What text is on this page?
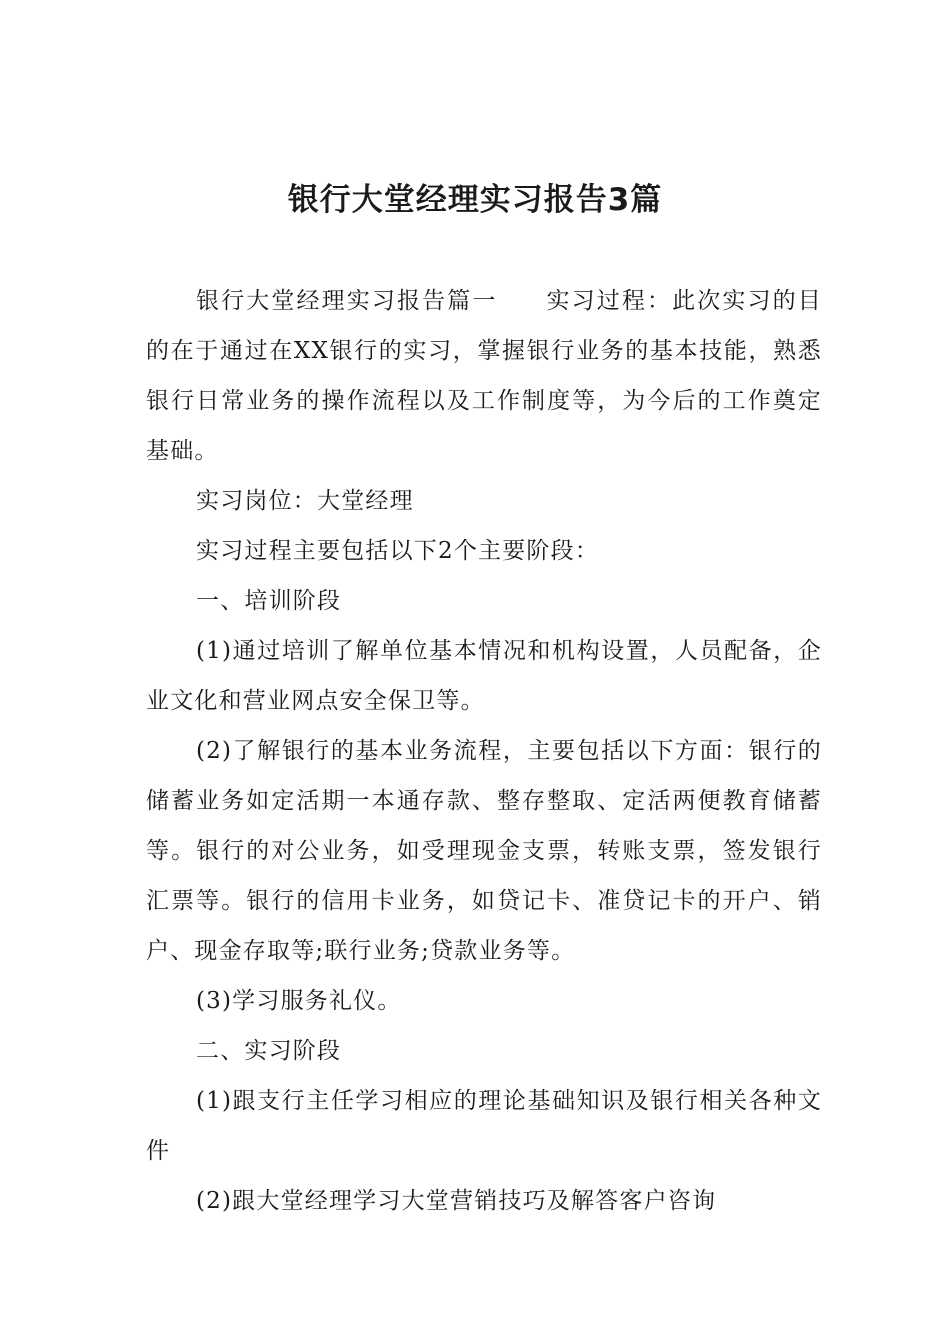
银行大堂经理实习报告3篇

银行大堂经理实习报告篇一 实习过程：此次实习的目的在于通过在XX银行的实习，掌握银行业务的基本技能，熟悉银行日常业务的操作流程以及工作制度等，为今后的工作奠定基础。

实习岗位：大堂经理

实习过程主要包括以下2个主要阶段：

一、培训阶段

(1)通过培训了解单位基本情况和机构设置，人员配备，企业文化和营业网点安全保卫等。

(2)了解银行的基本业务流程，主要包括以下方面：银行的储蓄业务如定活期一本通存款、整存整取、定活两便教育储蓄等。银行的对公业务，如受理现金支票，转账支票，签发银行汇票等。银行的信用卡业务，如贷记卡、准贷记卡的开户、销户、现金存取等;联行业务;贷款业务等。

(3)学习服务礼仪。

二、实习阶段

(1)跟支行主任学习相应的理论基础知识及银行相关各种文件

(2)跟大堂经理学习大堂营销技巧及解答客户咨询
